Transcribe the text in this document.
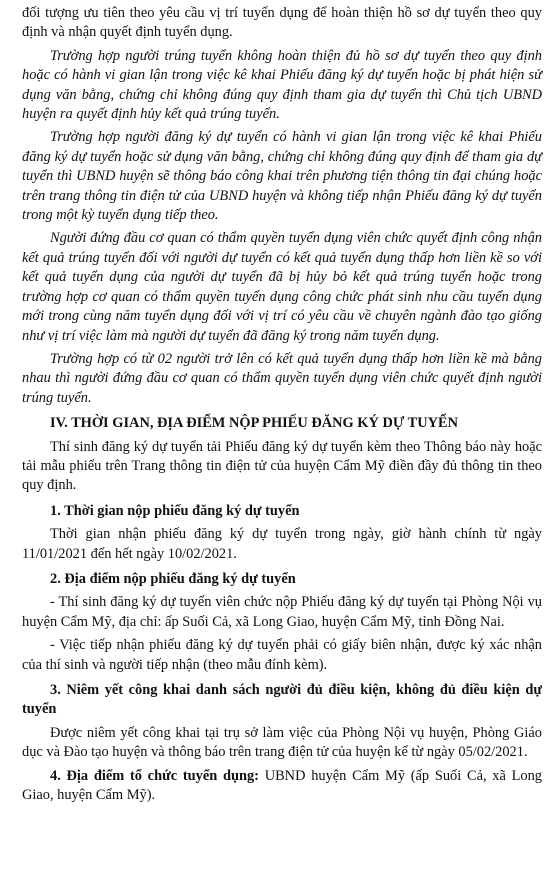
đối tượng ưu tiên theo yêu cầu vị trí tuyển dụng để hoàn thiện hồ sơ dự tuyển theo quy định và nhận quyết định tuyển dụng.

Trường hợp người trúng tuyển không hoàn thiện đủ hồ sơ dự tuyển theo quy định hoặc có hành vi gian lận trong việc kê khai Phiếu đăng ký dự tuyển hoặc bị phát hiện sử dụng văn bằng, chứng chỉ không đúng quy định tham gia dự tuyển thì Chủ tịch UBND huyện ra quyết định hủy kết quả trúng tuyển.

Trường hợp người đăng ký dự tuyển có hành vi gian lận trong việc kê khai Phiếu đăng ký dự tuyển hoặc sử dụng văn bằng, chứng chỉ không đúng quy định để tham gia dự tuyển thì UBND huyện sẽ thông báo công khai trên phương tiện thông tin đại chúng hoặc trên trang thông tin điện tử của UBND huyện và không tiếp nhận Phiếu đăng ký dự tuyển trong một kỳ tuyển dụng tiếp theo.

Người đứng đầu cơ quan có thẩm quyền tuyển dụng viên chức quyết định công nhận kết quả trúng tuyển đối với người dự tuyển có kết quả tuyển dụng thấp hơn liền kề so với kết quả tuyển dụng của người dự tuyển đã bị hủy bỏ kết quả trúng tuyển hoặc trong trường hợp cơ quan có thẩm quyền tuyển dụng công chức phát sinh nhu cầu tuyển dụng mới trong cùng năm tuyển dụng đối với vị trí có yêu cầu về chuyên ngành đào tạo giống như vị trí việc làm mà người dự tuyển đã đăng ký trong năm tuyển dụng.

Trường hợp có từ 02 người trở lên có kết quả tuyển dụng thấp hơn liền kề mà bằng nhau thì người đứng đầu cơ quan có thẩm quyền tuyển dụng viên chức quyết định người trúng tuyển.

IV. THỜI GIAN, ĐỊA ĐIỂM NỘP PHIẾU ĐĂNG KÝ DỰ TUYỂN

Thí sinh đăng ký dự tuyển tải Phiếu đăng ký dự tuyển kèm theo Thông báo này hoặc tải mẫu phiếu trên Trang thông tin điện tử của huyện Cẩm Mỹ điền đầy đủ thông tin theo quy định.

1. Thời gian nộp phiếu đăng ký dự tuyển

Thời gian nhận phiếu đăng ký dự tuyển trong ngày, giờ hành chính từ ngày 11/01/2021 đến hết ngày 10/02/2021.

2. Địa điểm nộp phiếu đăng ký dự tuyển

- Thí sinh đăng ký dự tuyển viên chức nộp Phiếu đăng ký dự tuyển tại Phòng Nội vụ huyện Cẩm Mỹ, địa chỉ: ấp Suối Cả, xã Long Giao, huyện Cẩm Mỹ, tỉnh Đồng Nai.

- Việc tiếp nhận phiếu đăng ký dự tuyển phải có giấy biên nhận, được ký xác nhận của thí sinh và người tiếp nhận (theo mẫu đính kèm).

3. Niêm yết công khai danh sách người đủ điều kiện, không đủ điều kiện dự tuyển

Được niêm yết công khai tại trụ sở làm việc của Phòng Nội vụ huyện, Phòng Giáo dục và Đào tạo huyện và thông báo trên trang điện tử của huyện kể từ ngày 05/02/2021.

4. Địa điểm tổ chức tuyển dụng: UBND huyện Cẩm Mỹ (ấp Suối Cả, xã Long Giao, huyện Cẩm Mỹ).
